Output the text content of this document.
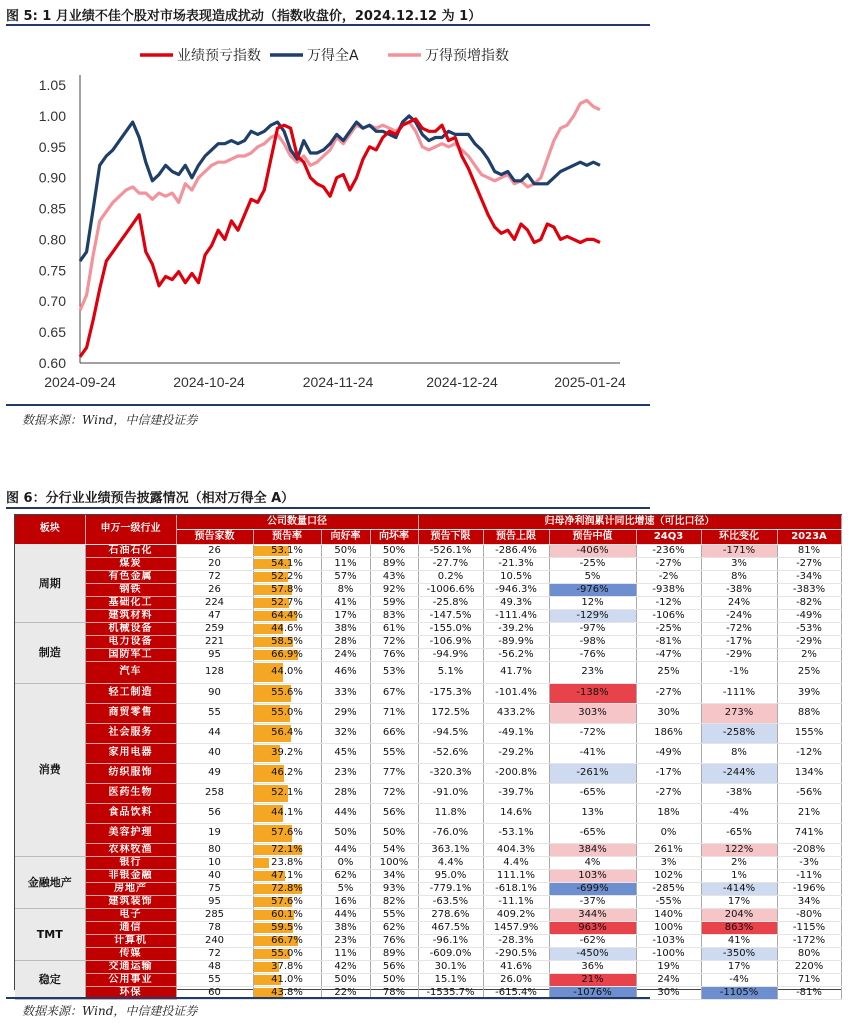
图 5: 1 月业绩不佳个股对市场表现造成扰动（指数收盘价，2024.12.12 为 1）
0.60
0.65
0.70
0.75
0.80
0.85
0.90
0.95
1.00
1.05
2024-09-24	2024-10-24	2024-11-24	2024-12-24	2025-01-24
业绩预亏指数	万得全A	万得预增指数
数据来源：Wind，中信建投证券
图 6：分行业业绩预告披露情况（相对万得全 A）
板块	申万一级行业	公司数量口径				归母净利润累计同比增速（可比口径）					
		预告家数	预告率	向好率	向坏率	预告下限	预告上限	预告中值	24Q3	环比变化	2023A
周期	石油石化	26	53.1%	50%	50%	-526.1%	-286.4%	-406%	-236%	-171%	81%
	煤炭	20	54.1%	11%	89%	-27.7%	-21.3%	-25%	-27%	3%	-27%
	有色金属	72	52.2%	57%	43%	0.2%	10.5%	5%	-2%	8%	-34%
	钢铁	26	57.8%	8%	92%	-1006.6%	-946.3%	-976%	-938%	-38%	-383%
	基础化工	224	52.7%	41%	59%	-25.8%	49.3%	12%	-12%	24%	-82%
	建筑材料	47	64.4%	17%	83%	-147.5%	-111.4%	-129%	-106%	-24%	-49%
制造	机械设备	259	44.6%	38%	61%	-155.0%	-39.2%	-97%	-25%	-72%	-53%
	电力设备	221	58.5%	28%	72%	-106.9%	-89.9%	-98%	-81%	-17%	-29%
	国防军工	95	66.9%	24%	76%	-94.9%	-56.2%	-76%	-47%	-29%	2%
	汽车	128	44.0%	46%	53%	5.1%	41.7%	23%	25%	-1%	25%
消费	轻工制造	90	55.6%	33%	67%	-175.3%	-101.4%	-138%	-27%	-111%	39%
	商贸零售	55	55.0%	29%	71%	172.5%	433.2%	303%	30%	273%	88%
	社会服务	44	56.4%	32%	66%	-94.5%	-49.1%	-72%	186%	-258%	155%
	家用电器	40	39.2%	45%	55%	-52.6%	-29.2%	-41%	-49%	8%	-12%
	纺织服饰	49	46.2%	23%	77%	-320.3%	-200.8%	-261%	-17%	-244%	134%
	医药生物	258	52.1%	28%	72%	-91.0%	-39.7%	-65%	-27%	-38%	-56%
	食品饮料	56	44.1%	44%	56%	11.8%	14.6%	13%	18%	-4%	21%
	美容护理	19	57.6%	50%	50%	-76.0%	-53.1%	-65%	0%	-65%	741%
	农林牧渔	80	72.1%	44%	54%	363.1%	404.3%	384%	261%	122%	-208%
金融地产	银行	10	23.8%	0%	100%	4.4%	4.4%	4%	3%	2%	-3%
	非银金融	40	47.1%	62%	34%	95.0%	111.1%	103%	102%	1%	-11%
	房地产	75	72.8%	5%	93%	-779.1%	-618.1%	-699%	-285%	-414%	-196%
	建筑装饰	95	57.6%	16%	82%	-63.5%	-11.1%	-37%	-55%	17%	34%
TMT	电子	285	60.1%	44%	55%	278.6%	409.2%	344%	140%	204%	-80%
	通信	78	59.5%	38%	62%	467.5%	1457.9%	963%	100%	863%	-115%
	计算机	240	66.7%	23%	76%	-96.1%	-28.3%	-62%	-103%	41%	-172%
	传媒	72	55.0%	11%	89%	-609.0%	-290.5%	-450%	-100%	-350%	80%
稳定	交通运输	48	37.8%	42%	56%	30.1%	41.6%	36%	19%	17%	220%
	公用事业	55	41.0%	50%	50%	15.1%	26.0%	21%	24%	-4%	71%
	环保	60	43.8%	22%	78%	-1535.7%	-615.4%	-1076%	30%	-1105%	-81%
数据来源：Wind，中信建投证券
